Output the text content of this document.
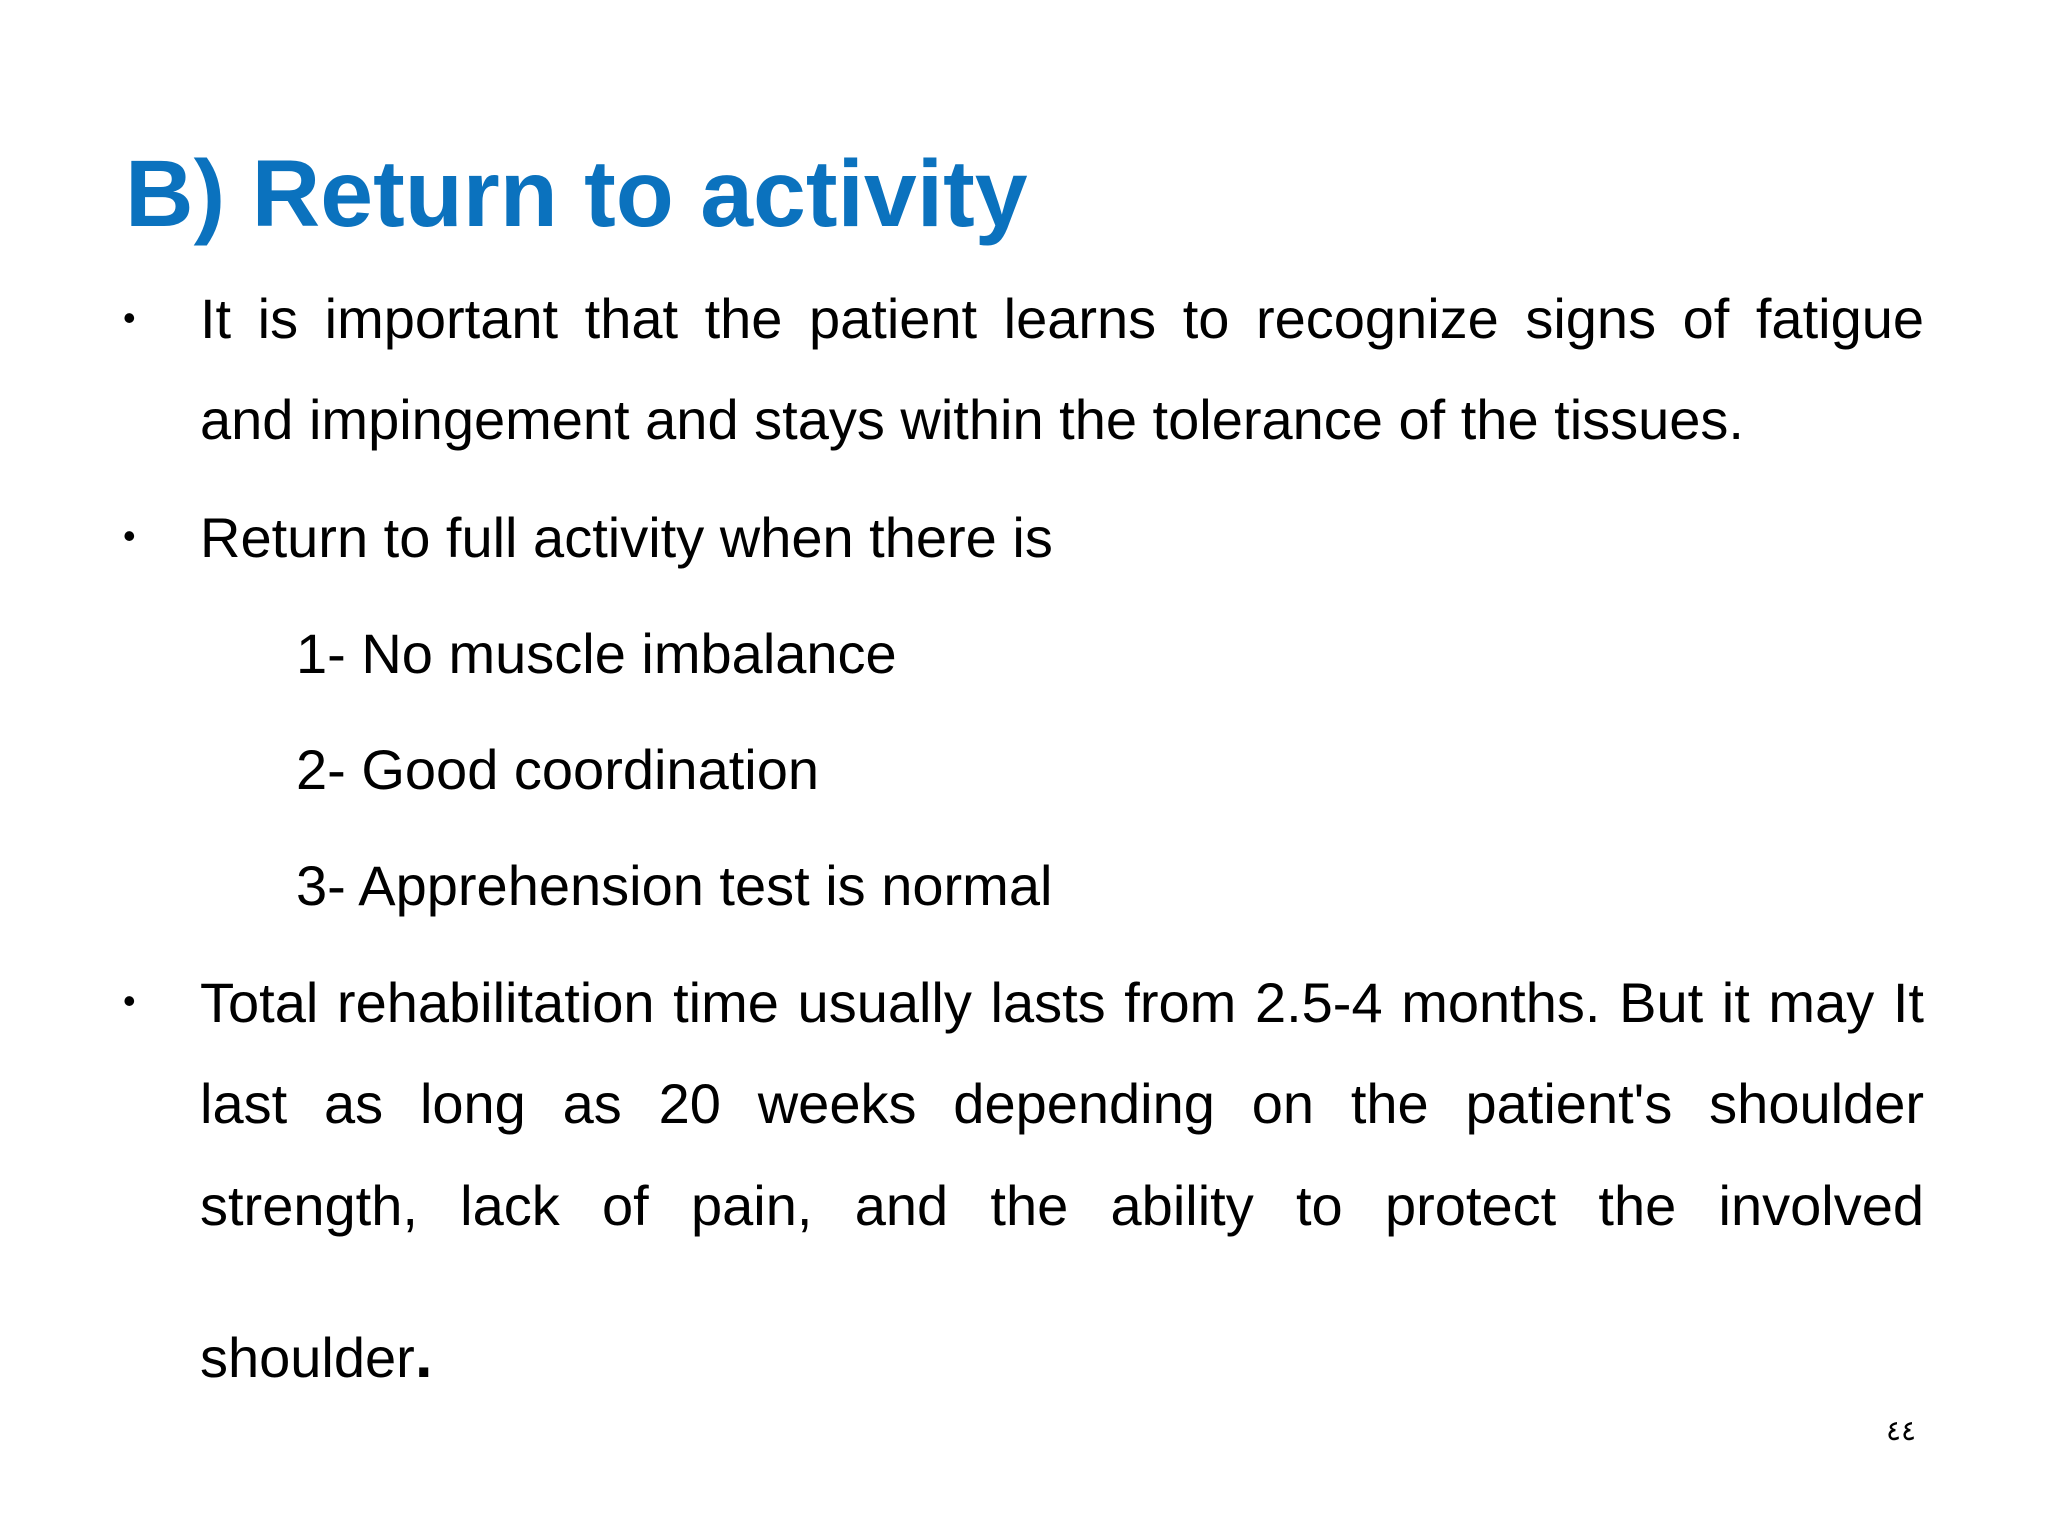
B) Return to activity
• It is important that the patient learns to recognize signs of fatigue
and impingement and stays within the tolerance of the tissues.
• Return to full activity when there is
1- No muscle imbalance
2- Good coordination
3- Apprehension test is normal
• Total rehabilitation time usually lasts from 2.5-4 months. But it may It
last as long as 20 weeks depending on the patient's shoulder
strength, lack of pain, and the ability to protect the involved
shoulder.
٤٤
